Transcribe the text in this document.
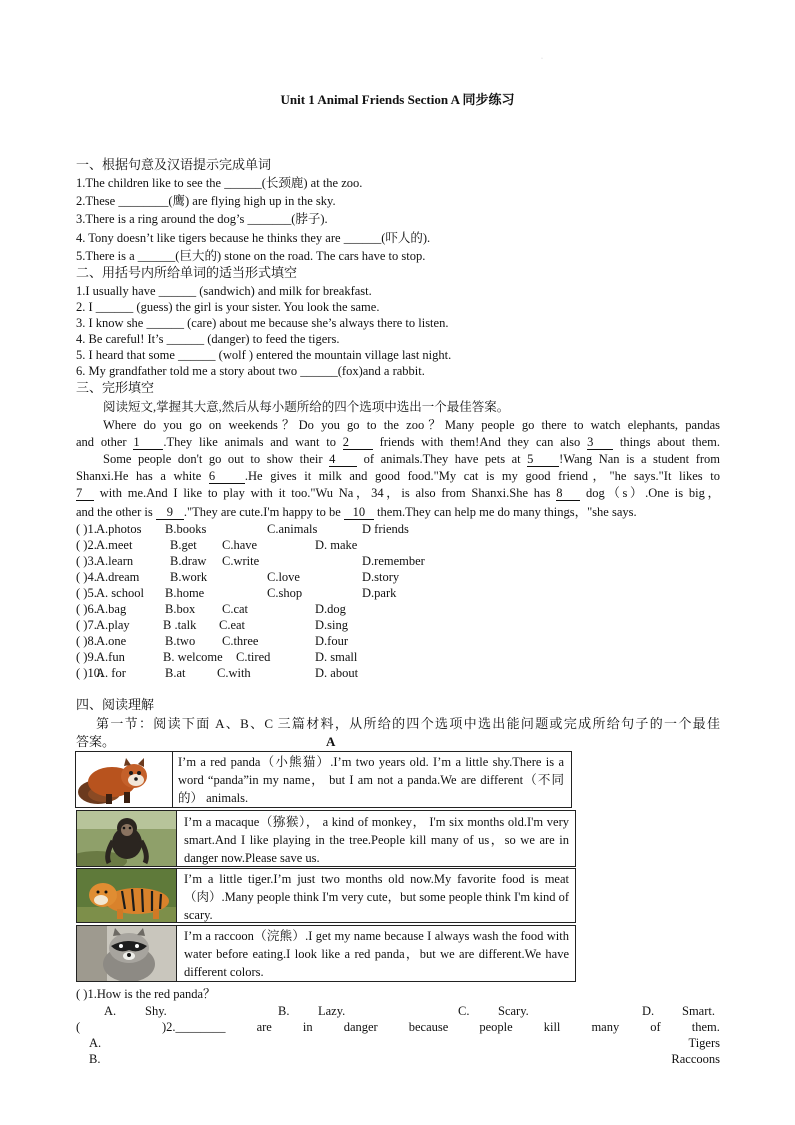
·
Unit 1 Animal Friends Section A 同步练习
一、根据句意及汉语提示完成单词
1.The children like to see the ______(长颈鹿) at the zoo.
2.These ________(鹰) are flying high up in the sky.
3.There is a ring around the dog’s _______(脖子).
4. Tony doesn’t like tigers because he thinks they are ______(吓人的).
5.There is a ______(巨大的) stone on the road. The cars have to stop.
二、用括号内所给单词的适当形式填空
1.I usually have ______ (sandwich) and milk for breakfast.
2. I ______ (guess) the girl is your sister. You look the same.
3. I know she ______ (care) about me because she’s always there to listen.
4. Be careful! It’s ______ (danger) to feed the tigers.
5. I heard that some ______ (wolf ) entered the mountain village last night.
6. My grandfather told me a story about two ______(fox)and a rabbit.
三、完形填空
阅读短文,掌握其大意,然后从每小题所给的四个选项中选出一个最佳答案。
Where do you go on weekends？Do you go to the zoo？Many people go there to watch elephants, pandas
and other 1 .They like animals and want to 2 friends with them!And they can also 3 things about them.
Some people don't go out to show their 4 of animals.They have pets at 5 !Wang Nan is a student from
Shanxi.He has a white 6 .He gives it milk and good food."My cat is my good friend，"he says."It likes to
7 with me.And I like to play with it too."Wu Na，34，is also from Shanxi.She has 8 dog（s）.One is big，
and the other is 9 ."They are cute.I'm happy to be 10 them.They can help me do many things，"she says.
( )1. A.photos B.books	C.animals	D friends
( )2. A.meet	B.get C.have	D. make
( )3. A.learn	B.draw C.write	D.remember
( )4. A.dream B.work	C.love	D.story
( )5. A. school B.home	C.shop	D.park
( )6. A.bag	B.box C.cat	D.dog
( )7. A.play	B .talk C.eat	D.sing
( )8. A.one	B.two C.three	D.four
( )9. A.fun	B. welcome C.tired	D. small
( )10.
A. for	B.at	C.with	D. about
四、阅读理解
第一节：阅读下面 A、B、C 三篇材料，从所给的四个选项中选出能问题或完成所给句子的一个最佳
答案。	A
I’m a red panda（小熊猫）.I’m two years old. I’m a little shy.There is a word “panda”in my name， but I am not a panda.We are different（不同的） animals.
I’m a macaque（猕猴）， a kind of monkey， I'm six months old.I'm very smart.And I like playing in the tree.People kill many of us，so we are in danger now.Please save us.
I’m a little tiger.I’m just two months old now.My favorite food is meat（肉）.Many people think I'm very cute，but some people think I'm kind of scary.
I’m a raccoon（浣熊）.I get my name because I always wash the food with water before eating.I look like a red panda，but we are different.We have different colors.
( )1.How is the red panda？
A. Shy.	B. Lazy.	C. Scary.	D. Smart.
(	)2.________ are in danger because people kill many of them.
A.	Tigers
B.	Raccoons
